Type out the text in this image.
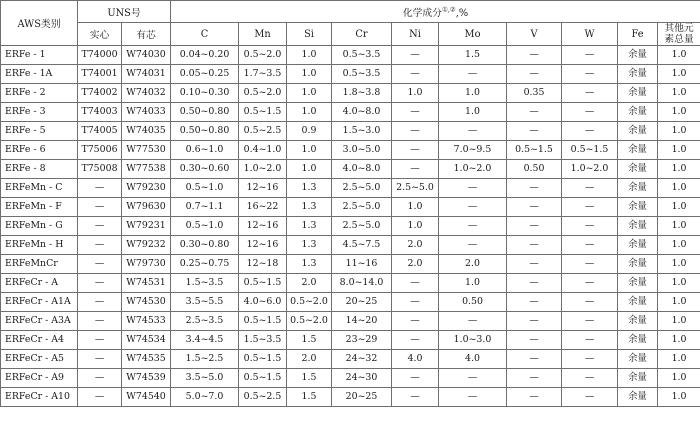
AWS类别	UNS号		化学成分①,②,%									
	实心	有芯	C	Mn	Si	Cr	Ni	Mo	V	W	Fe	其他元
素总量
ERFe - 1	T74000	W74030	0.04~0.20	0.5~2.0	1.0	0.5~3.5	—	1.5	—	—	余量	1.0
ERFe - 1A	T74001	W74031	0.05~0.25	1.7~3.5	1.0	0.5~3.5	—	—	—	—	余量	1.0
ERFe - 2	T74002	W74032	0.10~0.30	0.5~2.0	1.0	1.8~3.8	1.0	1.0	0.35	—	余量	1.0
ERFe - 3	T74003	W74033	0.50~0.80	0.5~1.5	1.0	4.0~8.0	—	1.0	—	—	余量	1.0
ERFe - 5	T74005	W74035	0.50~0.80	0.5~2.5	0.9	1.5~3.0	—	—	—	—	余量	1.0
ERFe - 6	T75006	W77530	0.6~1.0	0.4~1.0	1.0	3.0~5.0	—	7.0~9.5	0.5~1.5	0.5~1.5	余量	1.0
ERFe - 8	T75008	W77538	0.30~0.60	1.0~2.0	1.0	4.0~8.0	—	1.0~2.0	0.50	1.0~2.0	余量	1.0
ERFeMn - C	—	W79230	0.5~1.0	12~16	1.3	2.5~5.0	2.5~5.0	—	—	—	余量	1.0
ERFeMn - F	—	W79630	0.7~1.1	16~22	1.3	2.5~5.0	1.0	—	—	—	余量	1.0
ERFeMn - G	—	W79231	0.5~1.0	12~16	1.3	2.5~5.0	1.0	—	—	—	余量	1.0
ERFeMn - H	—	W79232	0.30~0.80	12~16	1.3	4.5~7.5	2.0	—	—	—	余量	1.0
ERFeMnCr	—	W79730	0.25~0.75	12~18	1.3	11~16	2.0	2.0	—	—	余量	1.0
ERFeCr - A	—	W74531	1.5~3.5	0.5~1.5	2.0	8.0~14.0	—	1.0	—	—	余量	1.0
ERFeCr - A1A	—	W74530	3.5~5.5	4.0~6.0	0.5~2.0	20~25	—	0.50	—	—	余量	1.0
ERFeCr - A3A	—	W74533	2.5~3.5	0.5~1.5	0.5~2.0	14~20	—	—	—	—	余量	1.0
ERFeCr - A4	—	W74534	3.4~4.5	1.5~3.5	1.5	23~29	—	1.0~3.0	—	—	余量	1.0
ERFeCr - A5	—	W74535	1.5~2.5	0.5~1.5	2.0	24~32	4.0	4.0	—	—	余量	1.0
ERFeCr - A9	—	W74539	3.5~5.0	0.5~1.5	1.5	24~30	—	—	—	—	余量	1.0
ERFeCr - A10	—	W74540	5.0~7.0	0.5~2.5	1.5	20~25	—	—	—	—	余量	1.0
